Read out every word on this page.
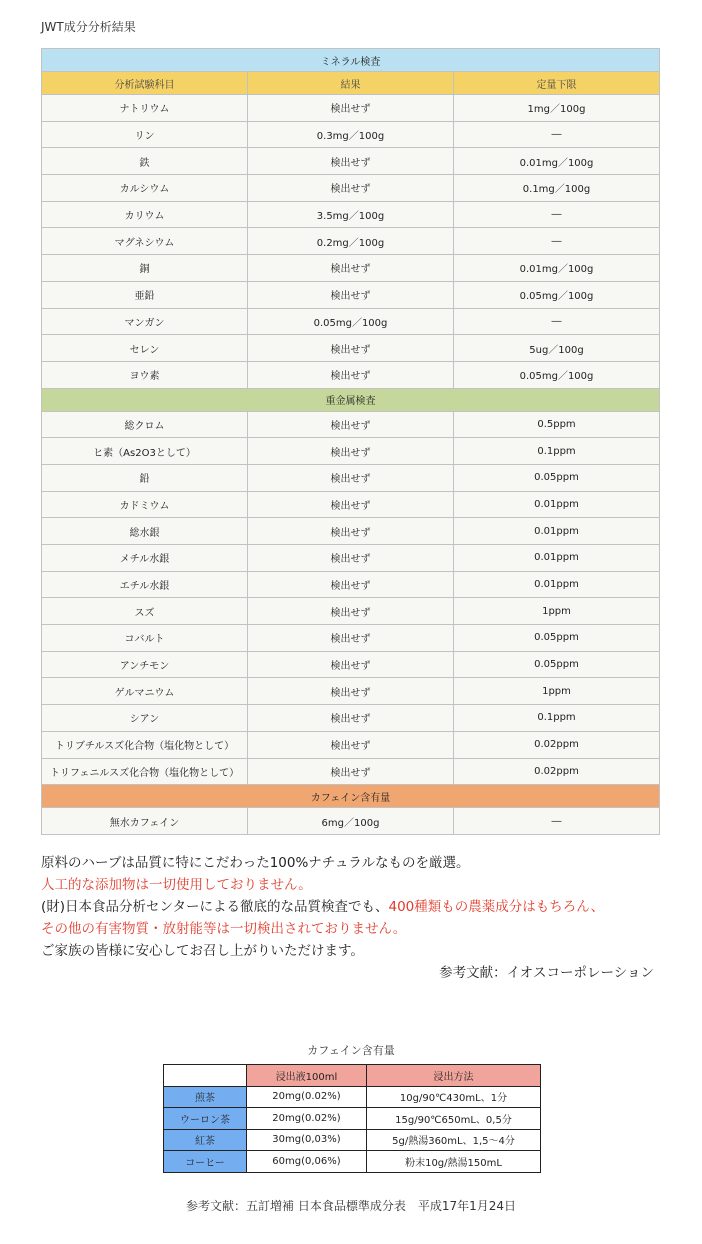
JWT成分分析結果
ミネラル検査		
分析試験科目	結果	定量下限
ナトリウム	検出せず	1mg／100g
リン	0.3mg／100g	―
鉄	検出せず	0.01mg／100g
カルシウム	検出せず	0.1mg／100g
カリウム	3.5mg／100g	―
マグネシウム	0.2mg／100g	―
銅	検出せず	0.01mg／100g
亜鉛	検出せず	0.05mg／100g
マンガン	0.05mg／100g	―
セレン	検出せず	5ug／100g
ヨウ素	検出せず	0.05mg／100g
重金属検査		
総クロム	検出せず	0.5ppm
ヒ素（As2O3として）	検出せず	0.1ppm
鉛	検出せず	0.05ppm
カドミウム	検出せず	0.01ppm
総水銀	検出せず	0.01ppm
メチル水銀	検出せず	0.01ppm
エチル水銀	検出せず	0.01ppm
スズ	検出せず	1ppm
コバルト	検出せず	0.05ppm
アンチモン	検出せず	0.05ppm
ゲルマニウム	検出せず	1ppm
シアン	検出せず	0.1ppm
トリブチルスズ化合物（塩化物として）	検出せず	0.02ppm
トリフェニルスズ化合物（塩化物として）	検出せず	0.02ppm
カフェイン含有量		
無水カフェイン	6mg／100g	―

原料のハーブは品質に特にこだわった100%ナチュラルなものを厳選。

人工的な添加物は一切使用しておりません。

(財)日本食品分析センターによる徹底的な品質検査でも、400種類もの農薬成分はもちろん、

その他の有害物質・放射能等は一切検出されておりません。

ご家族の皆様に安心してお召し上がりいただけます。

参考文献：イオスコーポレーション

カフェイン含有量
	浸出液100ml	浸出方法
煎茶	20mg(0.02%)	10g/90℃430mL、1分
ウーロン茶	20mg(0.02%)	15g/90℃650mL、0,5分
紅茶	30mg(0,03%)	5g/熱湯360mL、1,5～4分
コーヒー	60mg(0,06%)	粉末10g/熱湯150mL
参考文献：五訂増補 日本食品標準成分表　平成17年1月24日
